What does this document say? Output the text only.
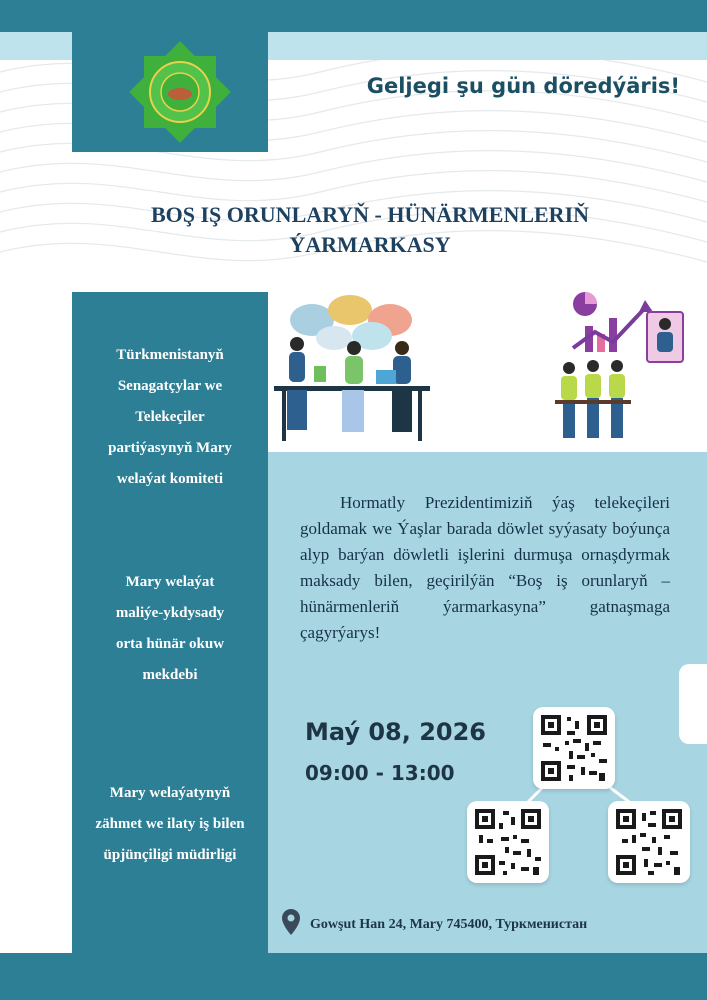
Geljegi şu gün döredýäris!
BOŞ IŞ ORUNLARYŇ - HÜNÄRMENLERIŇ
ÝARMARKASY
Türkmenistanyň
Senagatçylar we
Telekeçiler
partiýasynyň Mary
welaýat komiteti
Mary welaýat
maliýe-ykdysady
orta hünär okuw
mekdebi
Mary welaýatynyň
zähmet we ilaty iş bilen
üpjünçiligi müdirligi

Hormatly Prezidentimiziň ýaş telekeçileri goldamak we Ýaşlar barada döwlet syýasaty boýunça alyp barýan döwletli işlerini durmuşa ornaşdyrmak maksady bilen, geçirilýän “Boş iş orunlaryň – hünärmenleriň ýarmarkasyna” gatnaşmaga çagyrýarys!

Maý 08, 2026
09:00 - 13:00
Gowşut Han 24, Mary 745400, Туркменистан
